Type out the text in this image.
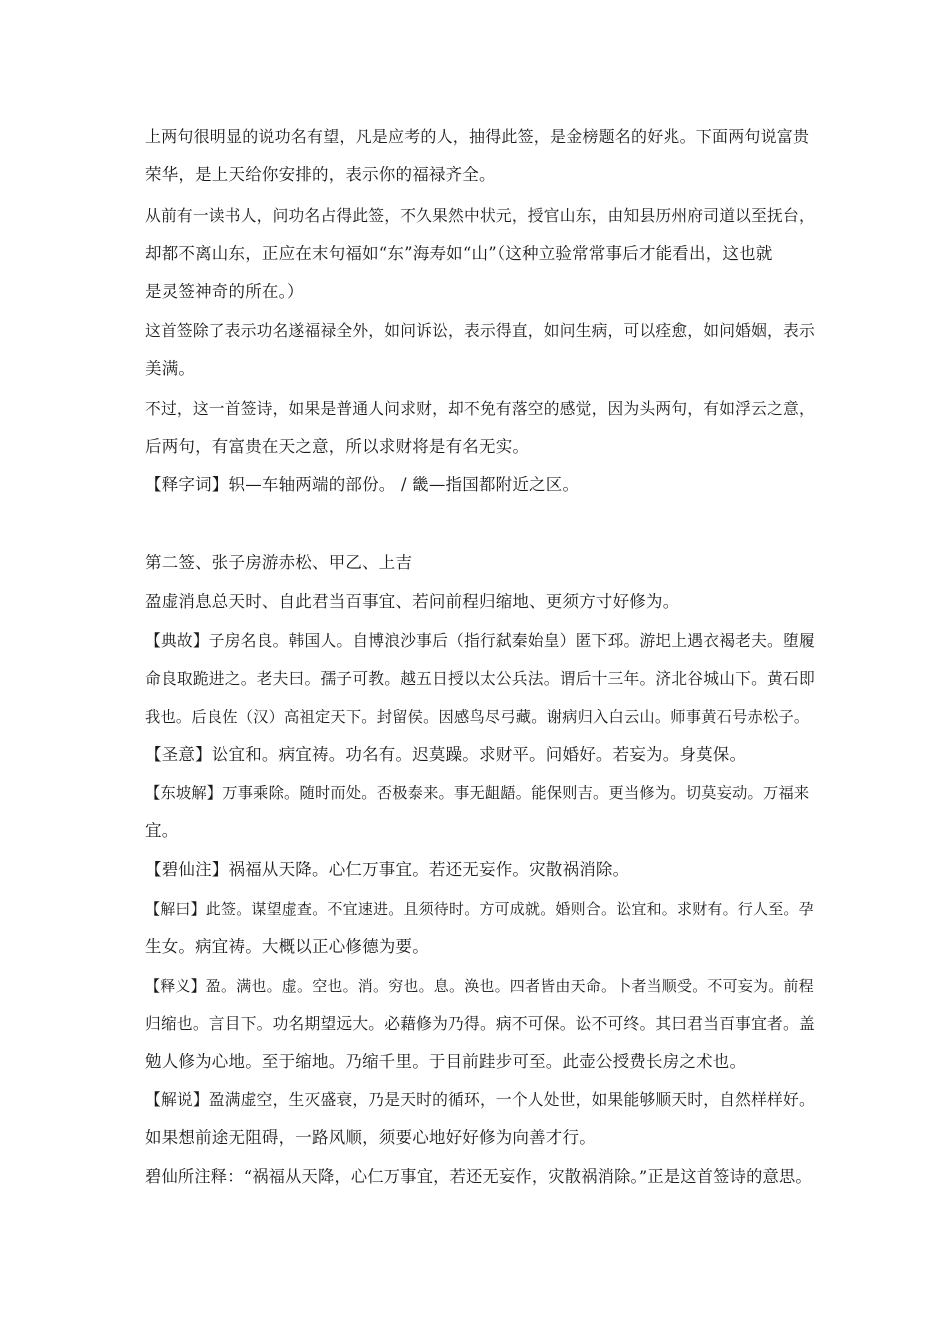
上两句很明显的说功名有望，凡是应考的人，抽得此签，是金榜题名的好兆。下面两句说富贵
荣华，是上天给你安排的，表示你的福禄齐全。
从前有一读书人，问功名占得此签，不久果然中状元，授官山东，由知县历州府司道以至抚台，
却都不离山东，正应在末句福如“东”海寿如“山”（这种立验常常事后才能看出，这也就
是灵签神奇的所在。）
这首签除了表示功名遂福禄全外，如问诉讼，表示得直，如问生病，可以痊愈，如问婚姻，表示
美满。
不过，这一首签诗，如果是普通人问求财，却不免有落空的感觉，因为头两句，有如浮云之意，
后两句，有富贵在天之意，所以求财将是有名无实。
【释字词】轵—车轴两端的部份。 / 畿—指国都附近之区。
第二签、张子房游赤松、甲乙、上吉
盈虚消息总天时、自此君当百事宜、若问前程归缩地、更须方寸好修为。
【典故】子房名良。韩国人。自博浪沙事后（指行弑秦始皇）匿下邳。游圯上遇衣褐老夫。堕履
命良取跪进之。老夫曰。孺子可教。越五日授以太公兵法。谓后十三年。济北谷城山下。黄石即
我也。后良佐（汉）高祖定天下。封留侯。因感鸟尽弓藏。谢病归入白云山。师事黄石号赤松子。
【圣意】讼宜和。病宜祷。功名有。迟莫躁。求财平。问婚好。若妄为。身莫保。
【东坡解】万事乘除。随时而处。否极泰来。事无龃龉。能保则吉。更当修为。切莫妄动。万福来
宜。
【碧仙注】祸福从天降。心仁万事宜。若还无妄作。灾散祸消除。
【解曰】此签。谋望虚查。不宜速进。且须待时。方可成就。婚则合。讼宜和。求财有。行人至。孕
生女。病宜祷。大概以正心修德为要。
【释义】盈。满也。虚。空也。消。穷也。息。涣也。四者皆由天命。卜者当顺受。不可妄为。前程
归缩也。言目下。功名期望远大。必藉修为乃得。病不可保。讼不可终。其曰君当百事宜者。盖
勉人修为心地。至于缩地。乃缩千里。于目前跬步可至。此壶公授费长房之术也。
【解说】盈满虚空，生灭盛衰，乃是天时的循环，一个人处世，如果能够顺天时，自然样样好。
如果想前途无阻碍，一路风顺，须要心地好好修为向善才行。
碧仙所注释：“祸福从天降，心仁万事宜，若还无妄作，灾散祸消除。”正是这首签诗的意思。
